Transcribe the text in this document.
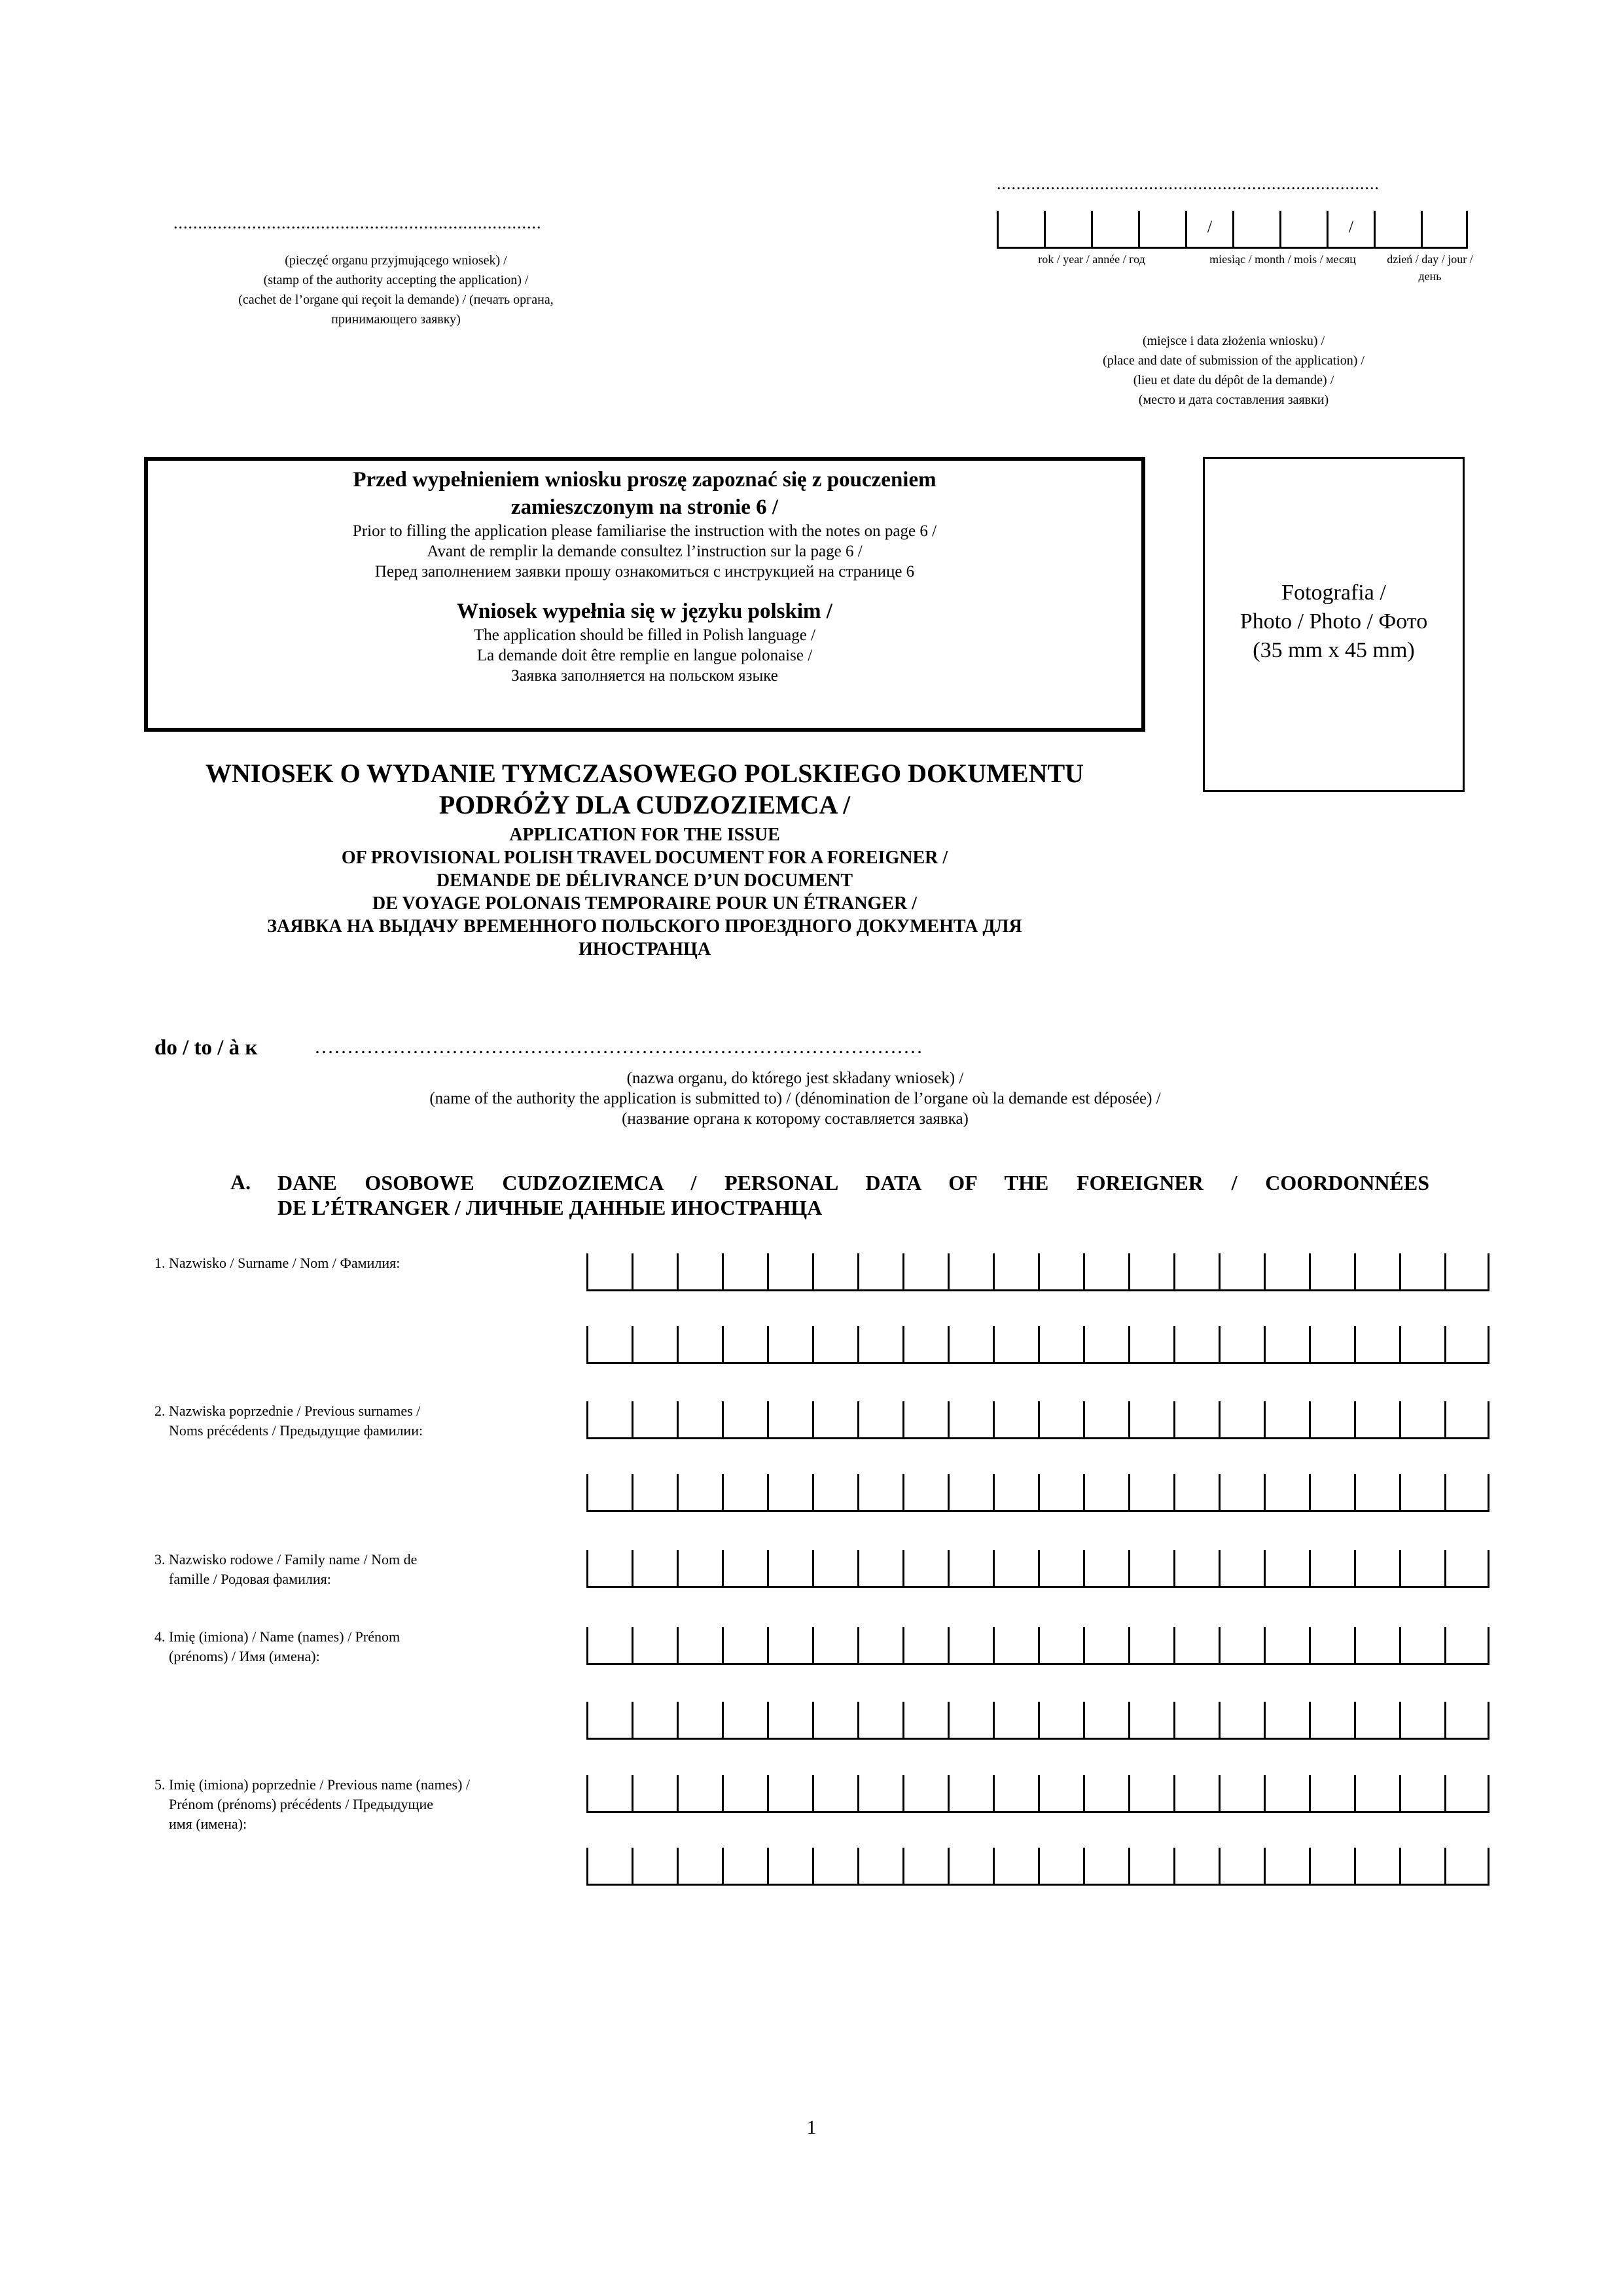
...........................................................................
(pieczęć organu przyjmującego wniosek) /
(stamp of the authority accepting the application) /
(cachet de l’organe qui reçoit la demande) / (печать органа,
принимающего заявку)
..............................................................................
/	/
rok / year / année / год	miesiąc / month / mois / месяц	dzień / day / jour / день
(miejsce i data złożenia wniosku) /
(place and date of submission of the application) /
(lieu et date du dépôt de la demande) /
(место и дата составления заявки)
Przed wypełnieniem wniosku proszę zapoznać się z pouczeniem
zamieszczonym na stronie 6 /
Prior to filling the application please familiarise the instruction with the notes on page 6 /
Avant de remplir la demande consultez l’instruction sur la page 6 /
Перед заполнением заявки прошу ознакомиться с инструкцией на странице 6
Wniosek wypełnia się w języku polskim /
The application should be filled in Polish language /
La demande doit être remplie en langue polonaise /
Заявка заполняется на польском языке
Fotografia /
Photo / Photo / Фото
(35 mm x 45 mm)
WNIOSEK O WYDANIE TYMCZASOWEGO POLSKIEGO DOKUMENTU
PODRÓŻY DLA CUDZOZIEMCA /
APPLICATION FOR THE ISSUE
OF PROVISIONAL POLISH TRAVEL DOCUMENT FOR A FOREIGNER /
DEMANDE DE DÉLIVRANCE D’UN DOCUMENT
DE VOYAGE POLONAIS TEMPORAIRE POUR UN ÉTRANGER /
ЗАЯВКА НА ВЫДАЧУ ВРЕМЕННОГО ПОЛЬСКОГО ПРОЕЗДНОГО ДОКУМЕНТА ДЛЯ
ИНОСТРАНЦА
do / to / à к	…………………………………………………………………………………
(nazwa organu, do którego jest składany wniosek) /
(name of the authority the application is submitted to) / (dénomination de l’organe où la demande est déposée) /
(название органа к которому составляется заявка)
A. DANE OSOBOWE CUDZOZIEMCA / PERSONAL DATA OF THE FOREIGNER / COORDONNÉES
DE L’ÉTRANGER / ЛИЧНЫЕ ДАННЫЕ ИНОСТРАНЦА
1. Nazwisko / Surname / Nom / Фамилия:
2. Nazwiska poprzednie / Previous surnames /
Noms précédents / Предыдущие фамилии:
3. Nazwisko rodowe / Family name / Nom de
famille / Родовая фамилия:
4. Imię (imiona) / Name (names) / Prénom
(prénoms) / Имя (имена):
5. Imię (imiona) poprzednie / Previous name (names) /
Prénom (prénoms) précédents / Предыдущие
имя (имена):
1
